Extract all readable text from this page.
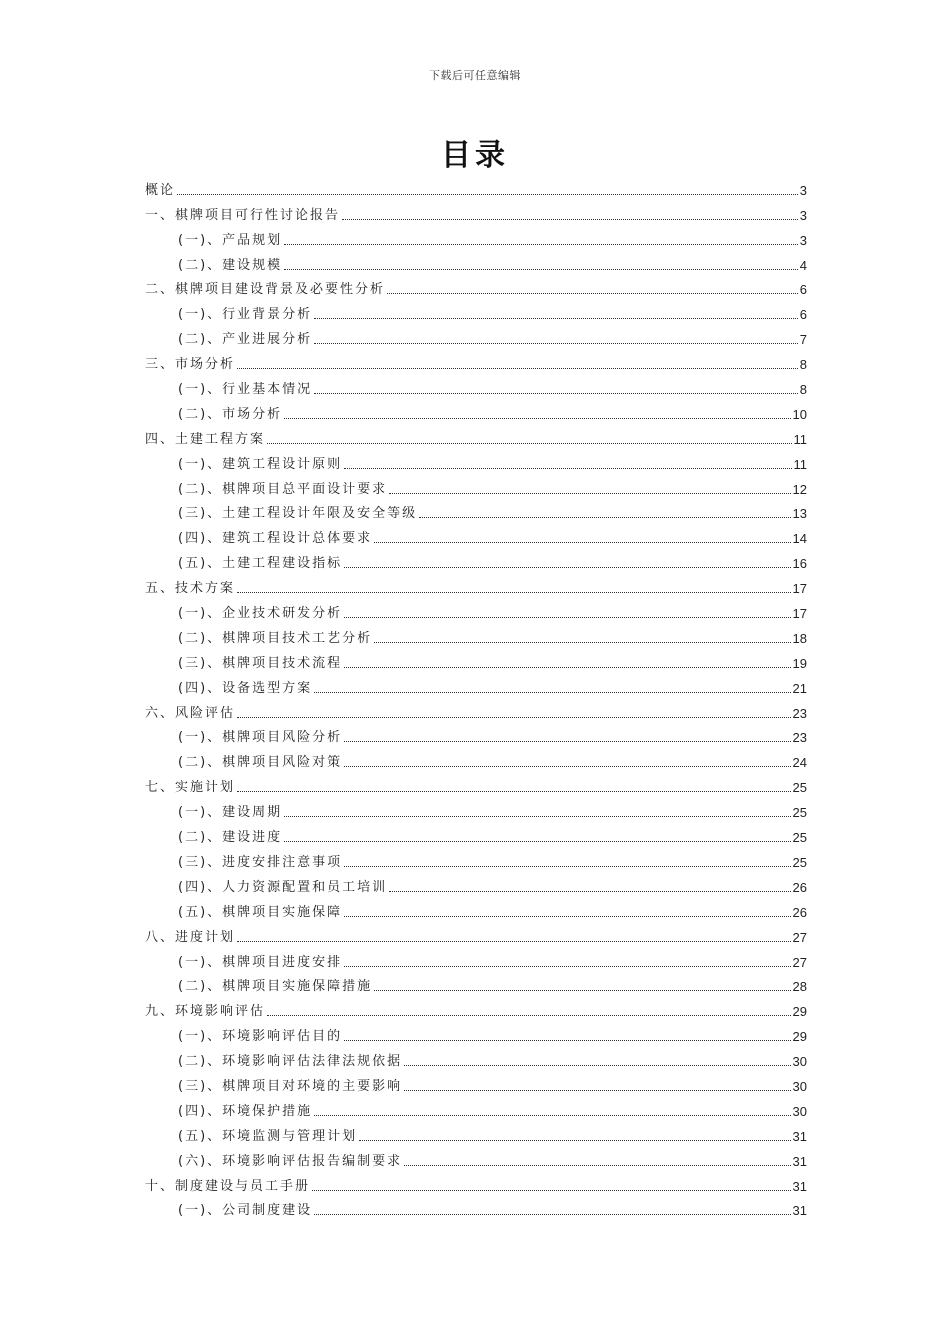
下载后可任意编辑
目录
概论	3
一、棋牌项目可行性讨论报告	3
(一)、产品规划	3
(二)、建设规模	4
二、棋牌项目建设背景及必要性分析	6
(一)、行业背景分析	6
(二)、产业进展分析	7
三、市场分析	8
(一)、行业基本情况	8
(二)、市场分析	10
四、土建工程方案	11
(一)、建筑工程设计原则	11
(二)、棋牌项目总平面设计要求	12
(三)、土建工程设计年限及安全等级	13
(四)、建筑工程设计总体要求	14
(五)、土建工程建设指标	16
五、技术方案	17
(一)、企业技术研发分析	17
(二)、棋牌项目技术工艺分析	18
(三)、棋牌项目技术流程	19
(四)、设备选型方案	21
六、风险评估	23
(一)、棋牌项目风险分析	23
(二)、棋牌项目风险对策	24
七、实施计划	25
(一)、建设周期	25
(二)、建设进度	25
(三)、进度安排注意事项	25
(四)、人力资源配置和员工培训	26
(五)、棋牌项目实施保障	26
八、进度计划	27
(一)、棋牌项目进度安排	27
(二)、棋牌项目实施保障措施	28
九、环境影响评估	29
(一)、环境影响评估目的	29
(二)、环境影响评估法律法规依据	30
(三)、棋牌项目对环境的主要影响	30
(四)、环境保护措施	30
(五)、环境监测与管理计划	31
(六)、环境影响评估报告编制要求	31
十、制度建设与员工手册	31
(一)、公司制度建设	31
